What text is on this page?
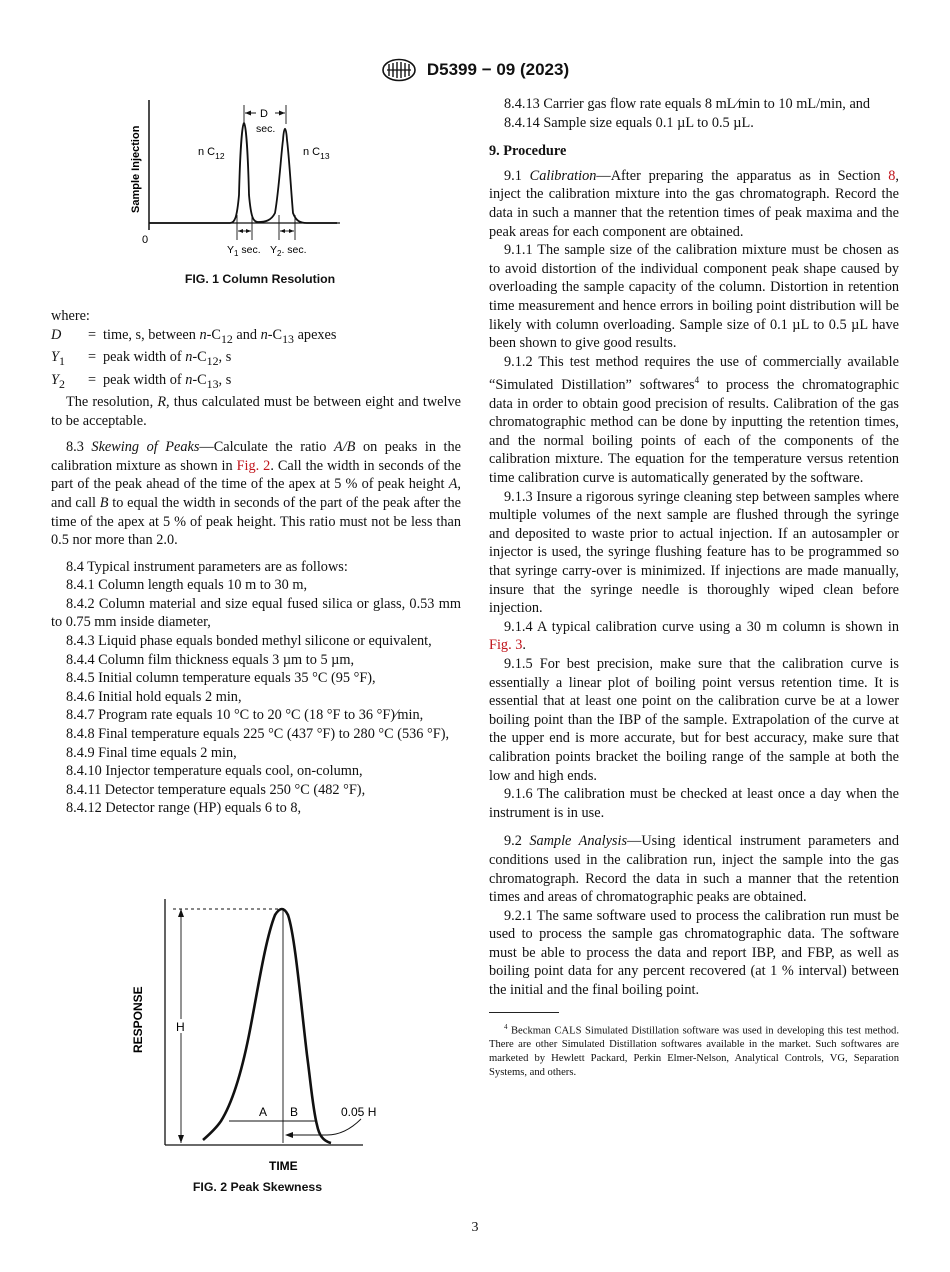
D5399 − 09 (2023)
Sample Injection
0
D
sec.
n $C_{12}$	n $C_{13}$
$Y_1$ sec. $Y_2$. sec.
FIG. 1 Column Resolution

where:

D	=	time, s, between $n-C_{12}$ and $n-C_{13}$ apexes
$Y_1$	=	peak width of $n-C_{12}$, s
$Y_2$	=	peak width of $n-C_{13}$, s

The resolution, R, thus calculated must be between eight and twelve to be acceptable.

8.3 Skewing of Peaks—Calculate the ratio A/B on peaks in the calibration mixture as shown in Fig. 2. Call the width in seconds of the part of the peak ahead of the time of the apex at 5 % of peak height A, and call B to equal the width in seconds of the part of the peak after the time of the apex at 5 % of peak height. This ratio must not be less than 0.5 nor more than 2.0.

8.4 Typical instrument parameters are as follows:

8.4.1 Column length equals 10 m to 30 m,

8.4.2 Column material and size equal fused silica or glass, 0.53 mm to 0.75 mm inside diameter,

8.4.3 Liquid phase equals bonded methyl silicone or equivalent,

8.4.4 Column film thickness equals 3 µm to 5 µm,

8.4.5 Initial column temperature equals 35 °C (95 °F),

8.4.6 Initial hold equals 2 min,

8.4.7 Program rate equals 10 °C to 20 °C (18 °F to 36 °F)⁄min,

8.4.8 Final temperature equals 225 °C (437 °F) to 280 °C (536 °F),

8.4.9 Final time equals 2 min,

8.4.10 Injector temperature equals cool, on-column,

8.4.11 Detector temperature equals 250 °C (482 °F),

8.4.12 Detector range (HP) equals 6 to 8,

RESPONSE	H
A B	0.05 H
TIME
FIG. 2 Peak Skewness

8.4.13 Carrier gas flow rate equals 8 mL⁄min to 10 mL/min, and

8.4.14 Sample size equals 0.1 µL to 0.5 µL.

9. Procedure

9.1 Calibration—After preparing the apparatus as in Section 8, inject the calibration mixture into the gas chromatograph. Record the data in such a manner that the retention times of peak maxima and the peak areas for each component are obtained.

9.1.1 The sample size of the calibration mixture must be chosen as to avoid distortion of the individual component peak shape caused by overloading the sample capacity of the column. Distortion in retention time measurement and hence errors in boiling point distribution will be likely with column overloading. Sample size of 0.1 µL to 0.5 µL have been shown to give good results.

9.1.2 This test method requires the use of commercially available “Simulated Distillation” softwares$^4$ to process the chromatographic data in order to obtain good precision of results. Calibration of the gas chromatographic method can be done by inputting the retention times, and the normal boiling points of each of the components of the calibration mixture. The equation for the temperature versus retention time calibration curve is automatically generated by the software.

9.1.3 Insure a rigorous syringe cleaning step between samples where multiple volumes of the next sample are flushed through the syringe and deposited to waste prior to actual injection. If an autosampler or injector is used, the syringe flushing feature has to be programmed so that syringe carry-over is minimized. If injections are made manually, insure that the syringe needle is thoroughly wiped clean before injection.

9.1.4 A typical calibration curve using a 30 m column is shown in Fig. 3.

9.1.5 For best precision, make sure that the calibration curve is essentially a linear plot of boiling point versus retention time. It is essential that at least one point on the calibration curve be at a lower boiling point than the IBP of the sample. Extrapolation of the curve at the upper end is more accurate, but for best accuracy, make sure that calibration points bracket the boiling range of the sample at both the low and high ends.

9.1.6 The calibration must be checked at least once a day when the instrument is in use.

9.2 Sample Analysis—Using identical instrument parameters and conditions used in the calibration run, inject the sample into the gas chromatograph. Record the data in such a manner that the retention times and areas of chromatographic peaks are obtained.

9.2.1 The same software used to process the calibration run must be used to process the sample gas chromatographic data. The software must be able to process the data and report IBP, and FBP, as well as boiling point data for any percent recovered (at 1 % interval) between the initial and the final boiling point.

$^4$ Beckman CALS Simulated Distillation software was used in developing this test method. There are other Simulated Distillation softwares available in the market. Such softwares are marketed by Hewlett Packard, Perkin Elmer-Nelson, Analytical Controls, VG, Separation Systems, and others.

3
